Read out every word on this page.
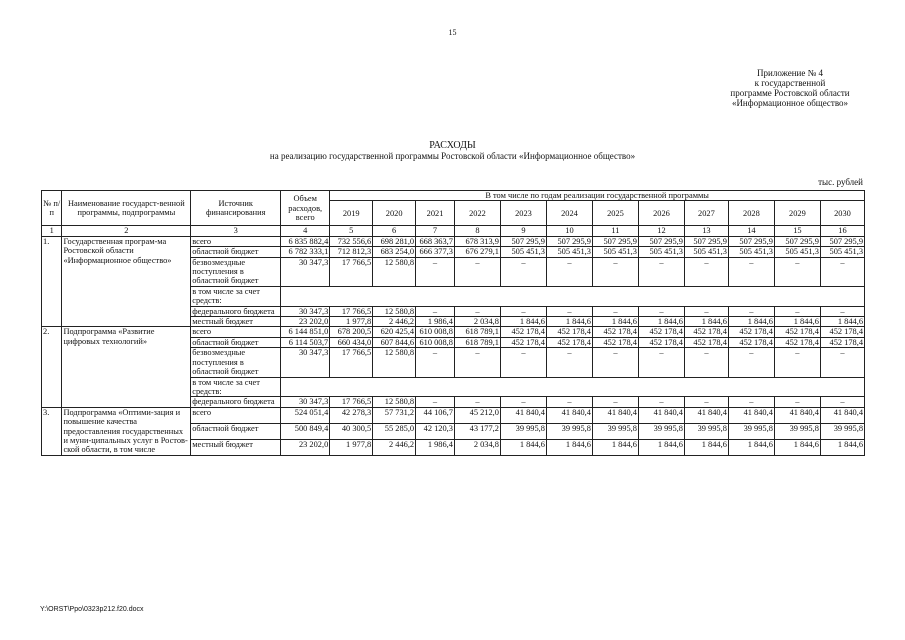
15
Приложение № 4
к государственной
программе Ростовской области
«Информационное общество»
РАСХОДЫ
на реализацию государственной программы Ростовской области «Информационное общество»
тыс. рублей
№ п/п	Наименование государст-венной программы, подпрограммы	Источник финансирования	Объем расходов, всего	В том числе по годам реализации государственной программы											
				2019	2020	2021	2022	2023	2024	2025	2026	2027	2028	2029	2030
1	2	3	4	5	6	7	8	9	10	11	12	13	14	15	16
1.	Государственная програм-ма Ростовской области «Информационное общество»	всего	6 835 882,4	732 556,6	698 281,0	668 363,7	678 313,9	507 295,9	507 295,9	507 295,9	507 295,9	507 295,9	507 295,9	507 295,9	507 295,9
		областной бюджет	6 782 333,1	712 812,3	683 254,0	666 377,3	676 279,1	505 451,3	505 451,3	505 451,3	505 451,3	505 451,3	505 451,3	505 451,3	505 451,3
		безвозмездные поступления в областной бюджет	30 347,3	17 766,5	12 580,8	–	–	–	–	–	–	–	–	–	–
		в том числе за счет средств:													
		федерального бюджета	30 347,3	17 766,5	12 580,8	–	–	–	–	–	–	–	–	–	–
		местный бюджет	23 202,0	1 977,8	2 446,2	1 986,4	2 034,8	1 844,6	1 844,6	1 844,6	1 844,6	1 844,6	1 844,6	1 844,6	1 844,6
2.	Подпрограмма «Развитие цифровых технологий»	всего	6 144 851,0	678 200,5	620 425,4	610 008,8	618 789,1	452 178,4	452 178,4	452 178,4	452 178,4	452 178,4	452 178,4	452 178,4	452 178,4
		областной бюджет	6 114 503,7	660 434,0	607 844,6	610 008,8	618 789,1	452 178,4	452 178,4	452 178,4	452 178,4	452 178,4	452 178,4	452 178,4	452 178,4
		безвозмездные поступления в областной бюджет	30 347,3	17 766,5	12 580,8	–	–	–	–	–	–	–	–	–	–
		в том числе за счет средств:													
		федерального бюджета	30 347,3	17 766,5	12 580,8	–	–	–	–	–	–	–	–	–	–
3.	Подпрограмма «Оптими-зация и повышение качества предоставления государственных и муни-ципальных услуг в Ростов-ской области, в том числе	всего	524 051,4	42 278,3	57 731,2	44 106,7	45 212,0	41 840,4	41 840,4	41 840,4	41 840,4	41 840,4	41 840,4	41 840,4	41 840,4
		областной бюджет	500 849,4	40 300,5	55 285,0	42 120,3	43 177,2	39 995,8	39 995,8	39 995,8	39 995,8	39 995,8	39 995,8	39 995,8	39 995,8
		местный бюджет	23 202,0	1 977,8	2 446,2	1 986,4	2 034,8	1 844,6	1 844,6	1 844,6	1 844,6	1 844,6	1 844,6	1 844,6	1 844,6
Y:\ORST\Ppo\0323p212.f20.docx
